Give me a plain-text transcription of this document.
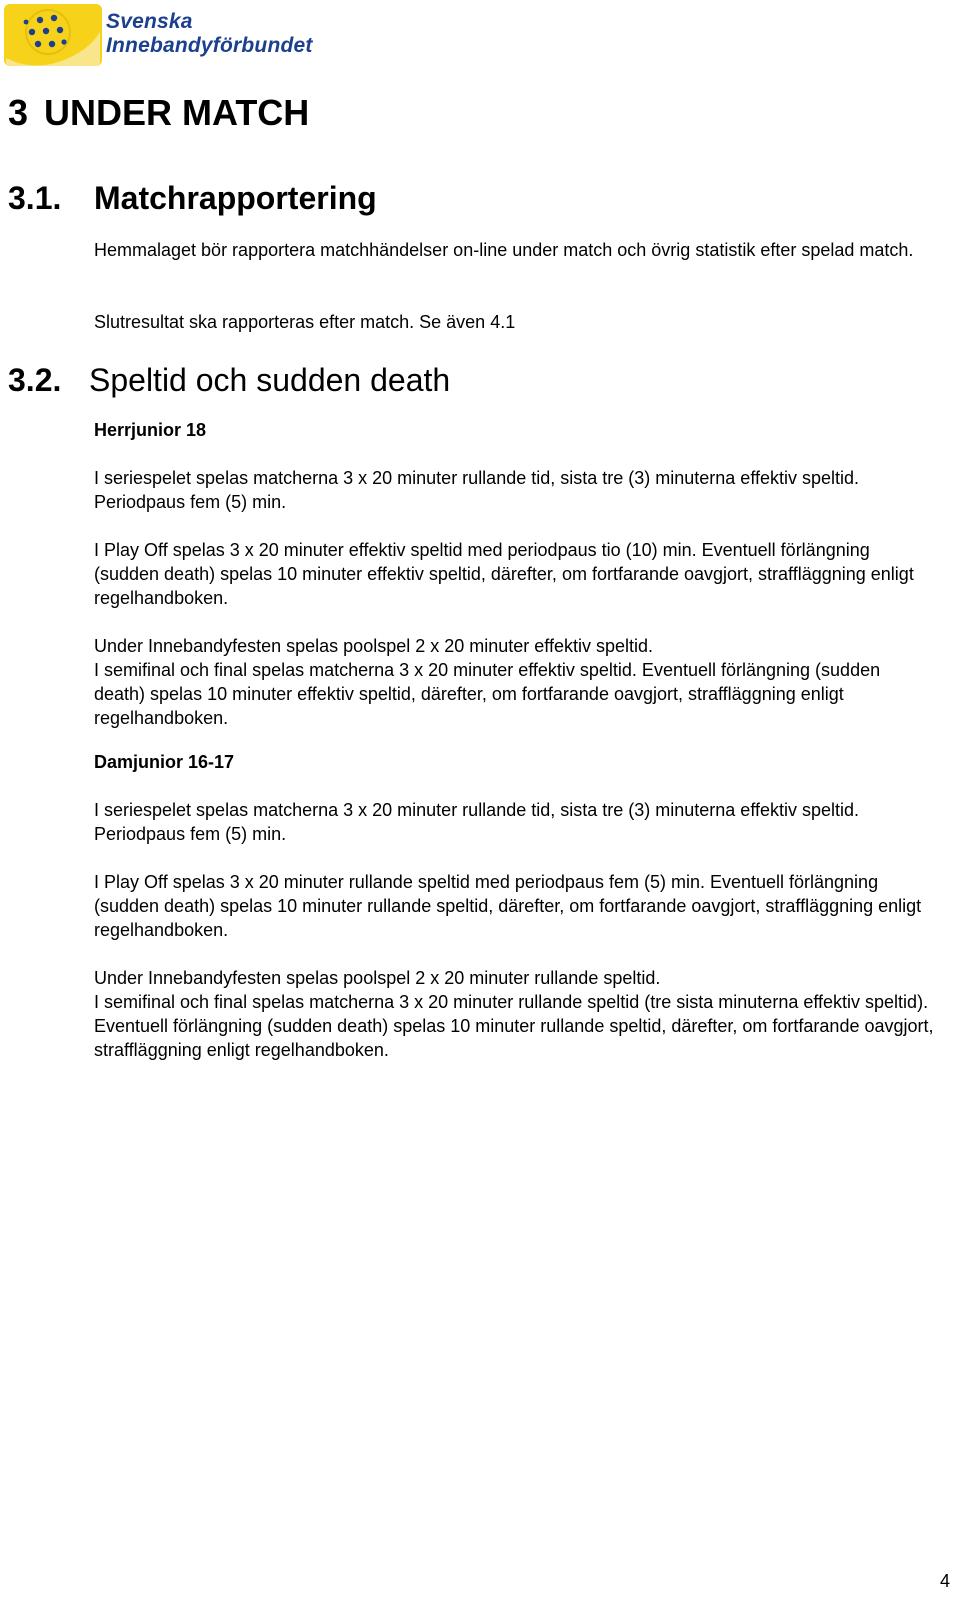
Svenska
Innebandyförbundet
3 UNDER MATCH
3.1. Matchrapportering

Hemmalaget bör rapportera matchhändelser on-line under match och övrig statistik efter spelad match.

Slutresultat ska rapporteras efter match. Se även 4.1

3.2. Speltid och sudden death

Herrjunior 18

I seriespelet spelas matcherna 3 x 20 minuter rullande tid, sista tre (3) minuterna effektiv speltid. Periodpaus fem (5) min.

I Play Off spelas 3 x 20 minuter effektiv speltid med periodpaus tio (10) min. Eventuell förlängning (sudden death) spelas 10 minuter effektiv speltid, därefter, om fortfarande oavgjort, straffläggning enligt regelhandboken.

Under Innebandyfesten spelas poolspel 2 x 20 minuter effektiv speltid.

I semifinal och final spelas matcherna 3 x 20 minuter effektiv speltid. Eventuell förlängning (sudden death) spelas 10 minuter effektiv speltid, därefter, om fortfarande oavgjort, straffläggning enligt regelhandboken.

Damjunior 16-17

I seriespelet spelas matcherna 3 x 20 minuter rullande tid, sista tre (3) minuterna effektiv speltid. Periodpaus fem (5) min.

I Play Off spelas 3 x 20 minuter rullande speltid med periodpaus fem (5) min. Eventuell förlängning (sudden death) spelas 10 minuter rullande speltid, därefter, om fortfarande oavgjort, straffläggning enligt regelhandboken.

Under Innebandyfesten spelas poolspel 2 x 20 minuter rullande speltid.

I semifinal och final spelas matcherna 3 x 20 minuter rullande speltid (tre sista minuterna effektiv speltid). Eventuell förlängning (sudden death) spelas 10 minuter rullande speltid, därefter, om fortfarande oavgjort, straffläggning enligt regelhandboken.

4
